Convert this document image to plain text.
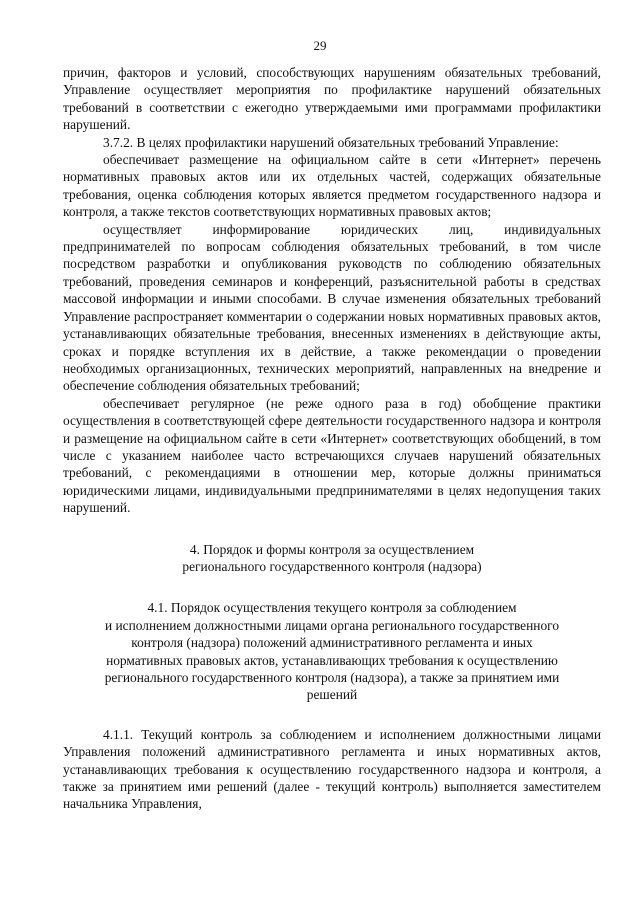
29

причин, факторов и условий, способствующих нарушениям обязательных требований, Управление осуществляет мероприятия по профилактике нарушений обязательных требований в соответствии с ежегодно утверждаемыми ими программами профилактики нарушений.

3.7.2. В целях профилактики нарушений обязательных требований Управление:

обеспечивает размещение на официальном сайте в сети «Интернет» перечень нормативных правовых актов или их отдельных частей, содержащих обязательные требования, оценка соблюдения которых является предметом государственного надзора и контроля, а также текстов соответствующих нормативных правовых актов;

осуществляет информирование юридических лиц, индивидуальных предпринимателей по вопросам соблюдения обязательных требований, в том числе посредством разработки и опубликования руководств по соблюдению обязательных требований, проведения семинаров и конференций, разъяснительной работы в средствах массовой информации и иными способами. В случае изменения обязательных требований Управление распространяет комментарии о содержании новых нормативных правовых актов, устанавливающих обязательные требования, внесенных изменениях в действующие акты, сроках и порядке вступления их в действие, а также рекомендации о проведении необходимых организационных, технических мероприятий, направленных на внедрение и обеспечение соблюдения обязательных требований;

обеспечивает регулярное (не реже одного раза в год) обобщение практики осуществления в соответствующей сфере деятельности государственного надзора и контроля и размещение на официальном сайте в сети «Интернет» соответствующих обобщений, в том числе с указанием наиболее часто встречающихся случаев нарушений обязательных требований, с рекомендациями в отношении мер, которые должны приниматься юридическими лицами, индивидуальными предпринимателями в целях недопущения таких нарушений.

4. Порядок и формы контроля за осуществлением
регионального государственного контроля (надзора)
4.1. Порядок осуществления текущего контроля за соблюдением
и исполнением должностными лицами органа регионального государственного
контроля (надзора) положений административного регламента и иных
нормативных правовых актов, устанавливающих требования к осуществлению
регионального государственного контроля (надзора), а также за принятием ими
решений

4.1.1. Текущий контроль за соблюдением и исполнением должностными лицами Управления положений административного регламента и иных нормативных актов, устанавливающих требования к осуществлению государственного надзора и контроля, а также за принятием ими решений (далее - текущий контроль) выполняется заместителем начальника Управления,
